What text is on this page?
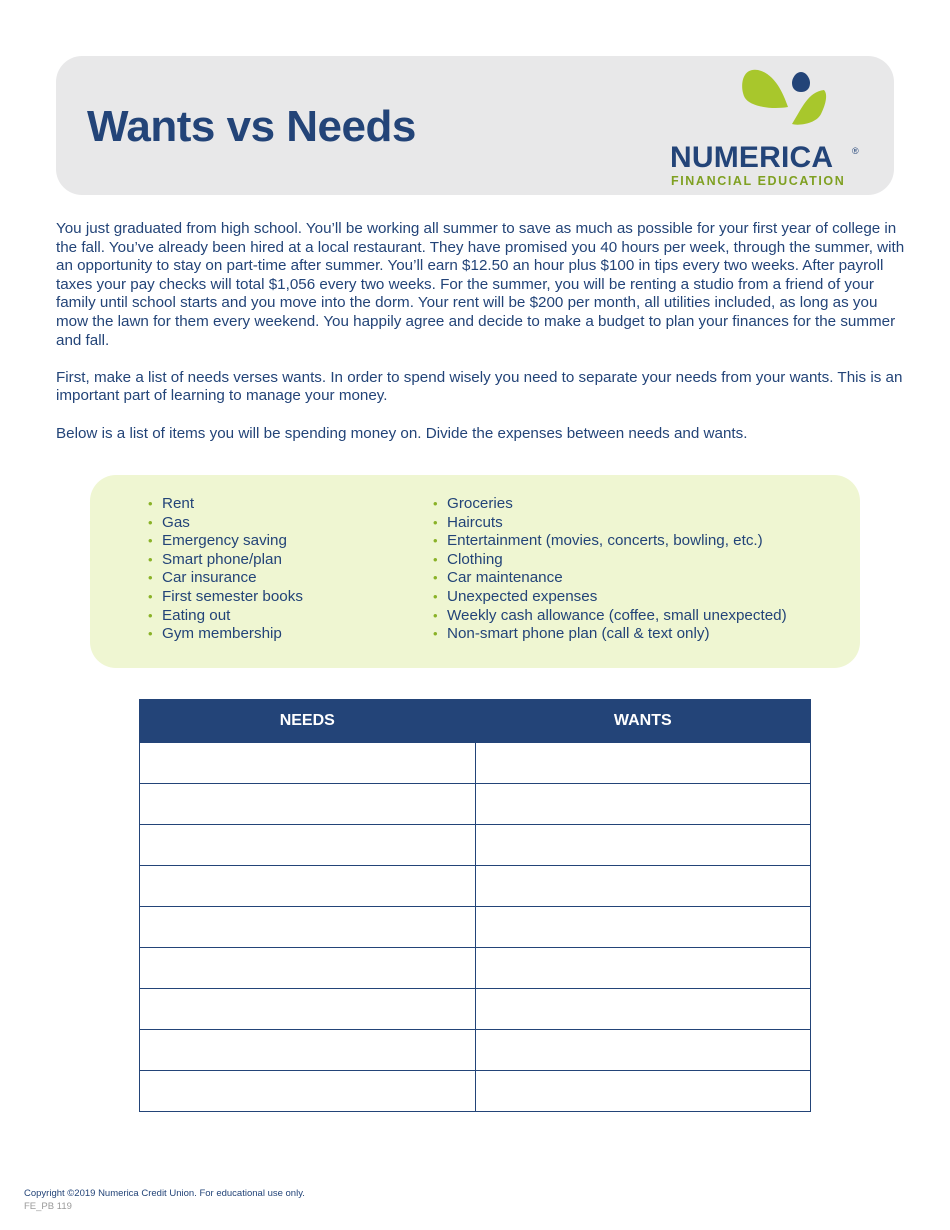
Wants vs Needs
NUMERICA ®
FINANCIAL EDUCATION

You just graduated from high school. You’ll be working all summer to save as much as possible for your first year of college in the fall. You’ve already been hired at a local restaurant. They have promised you 40 hours per week, through the summer, with an opportunity to stay on part-time after summer. You’ll earn $12.50 an hour plus $100 in tips every two weeks. After payroll taxes your pay checks will total $1,056 every two weeks. For the summer, you will be renting a studio from a friend of your family until school starts and you move into the dorm. Your rent will be $200 per month, all utilities included, as long as you mow the lawn for them every weekend. You happily agree and decide to make a budget to plan your finances for the summer and fall.

First, make a list of needs verses wants. In order to spend wisely you need to separate your needs from your wants. This is an important part of learning to manage your money.

Below is a list of items you will be spending money on. Divide the expenses between needs and wants.

• Rent
• Gas
• Emergency saving
• Smart phone/plan
• Car insurance
• First semester books
• Eating out
• Gym membership
• Groceries
• Haircuts
• Entertainment (movies, concerts, bowling, etc.)
• Clothing
• Car maintenance
• Unexpected expenses
• Weekly cash allowance (coffee, small unexpected)
• Non-smart phone plan (call & text only)
NEEDS	WANTS

Copyright ©2019 Numerica Credit Union. For educational use only.
FE_PB 119
